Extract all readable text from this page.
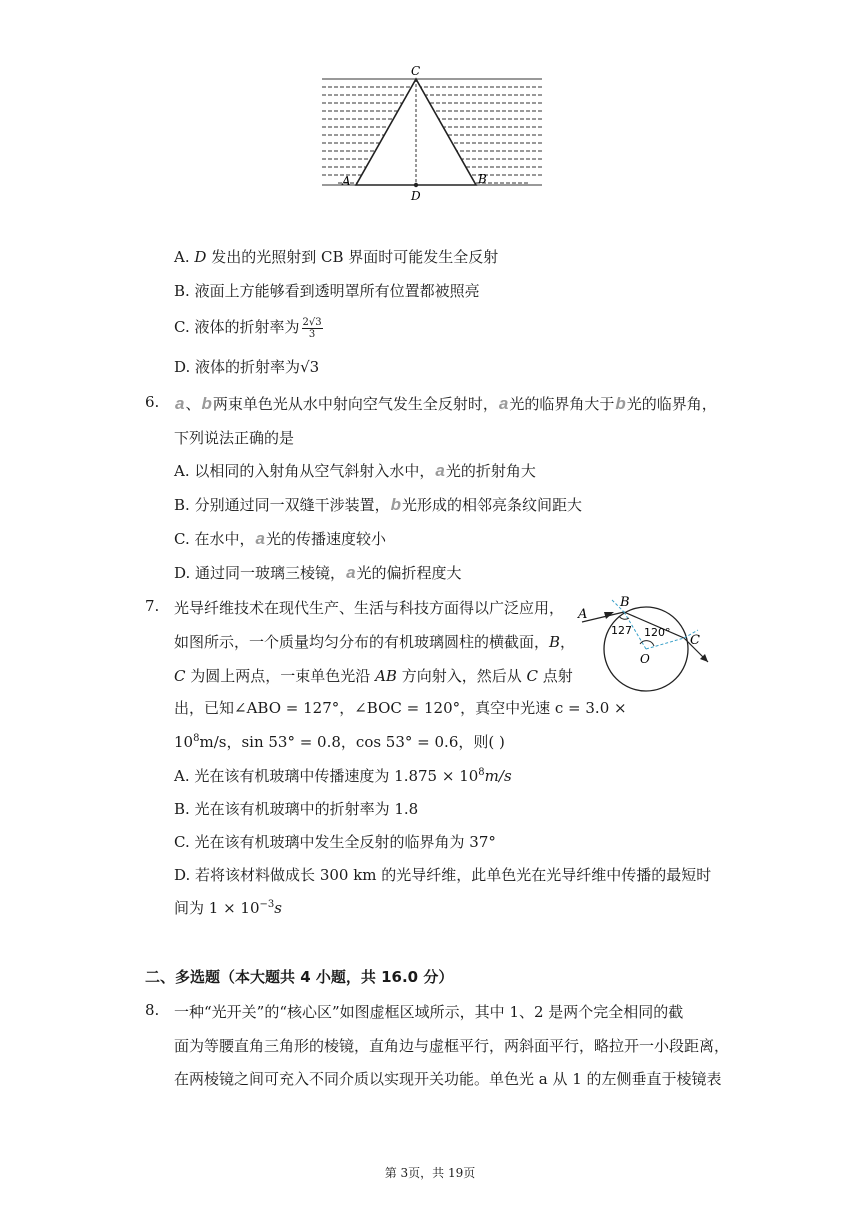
C
A	B
D
A. D 发出的光照射到 CB 界面时可能发生全反射
B. 液面上方能够看到透明罩所有位置都被照亮
C. 液体的折射率为 $\frac{2√3}{3}$
D. 液体的折射率为√3
6. a、b两束单色光从水中射向空气发生全反射时，a光的临界角大于b光的临界角，
下列说法正确的是
A. 以相同的入射角从空气斜射入水中，a光的折射角大
B. 分别通过同一双缝干涉装置，b光形成的相邻亮条纹间距大
C. 在水中，a光的传播速度较小
D. 通过同一玻璃三棱镜，a光的偏折程度大
7. 光导纤维技术在现代生产、生活与科技方面得以广泛应用，
如图所示，一个质量均匀分布的有机玻璃圆柱的横截面，B，
C 为圆上两点，一束单色光沿 AB 方向射入，然后从 C 点射
出，已知∠ABO = 127°，∠BOC = 120°，真空中光速 c = 3.0 ×
$10^8m/s$，sin 53° = 0.8，cos 53° = 0.6，则( )
A
B
127 120°
O
C
A. 光在该有机玻璃中传播速度为 $1.875 \times 10^8m/s$
B. 光在该有机玻璃中的折射率为 1.8
C. 光在该有机玻璃中发生全反射的临界角为 37°
D. 若将该材料做成长 300 km 的光导纤维，此单色光在光导纤维中传播的最短时
间为 $1 \times 10^{-3}s$
二、多选题（本大题共 4 小题，共 16.0 分）
8. 一种“光开关”的“核心区”如图虚框区域所示，其中 1、2 是两个完全相同的截
面为等腰直角三角形的棱镜，直角边与虚框平行，两斜面平行，略拉开一小段距离，
在两棱镜之间可充入不同介质以实现开关功能。单色光 a 从 1 的左侧垂直于棱镜表
第 3页，共 19页
